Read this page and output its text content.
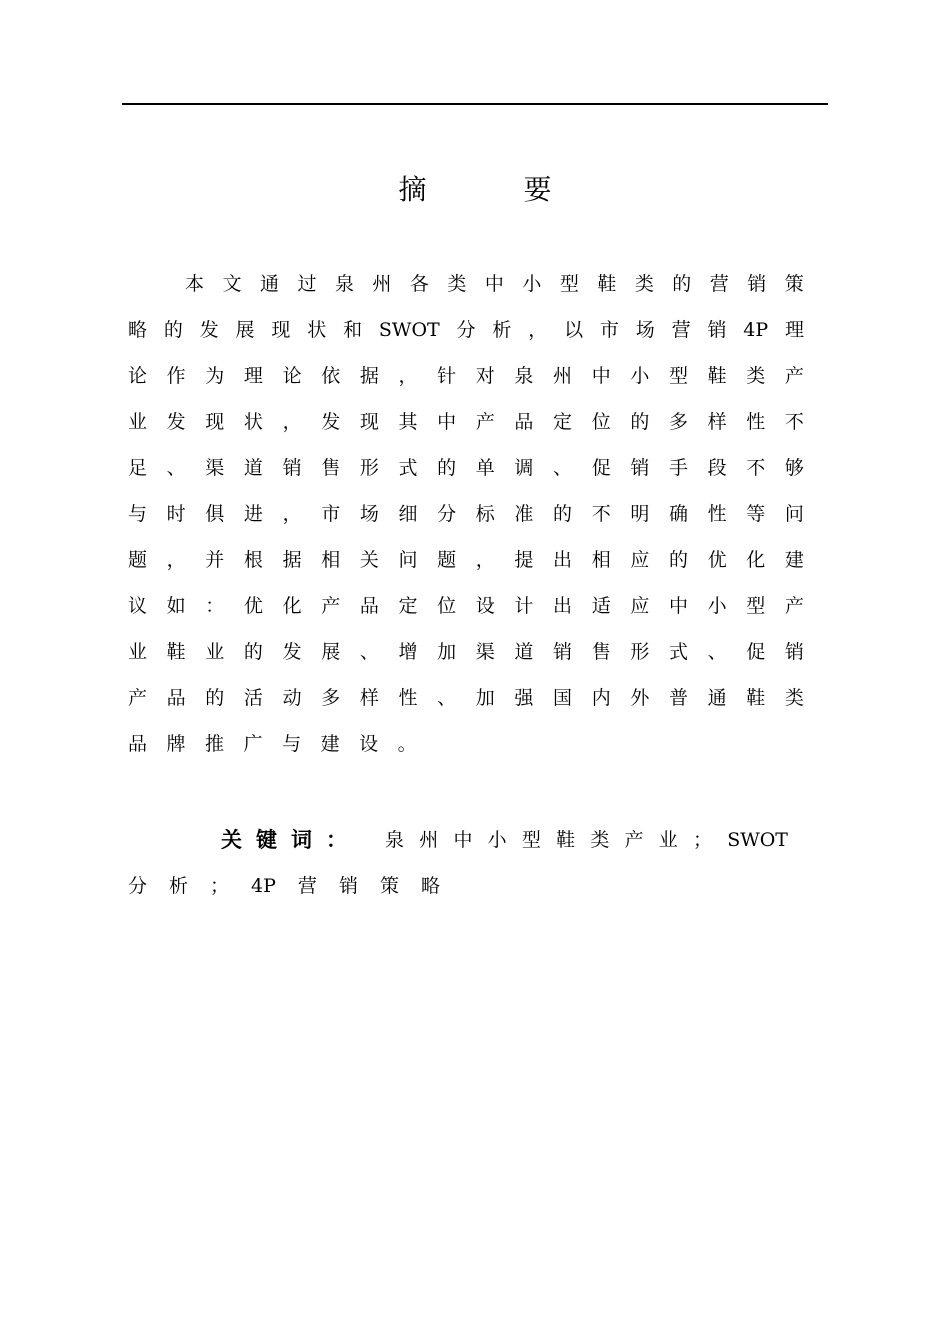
摘 要
本 文 通 过 泉 州 各 类 中 小 型 鞋 类 的 营 销 策
略 的 发 展 现 状 和 SWOT 分 析 ， 以 市 场 营 销 4P 理
论 作 为 理 论 依 据 ， 针 对 泉 州 中 小 型 鞋 类 产
业 发 现 状 ， 发 现 其 中 产 品 定 位 的 多 样 性 不
足 、 渠 道 销 售 形 式 的 单 调 、 促 销 手 段 不 够
与 时 俱 进 ， 市 场 细 分 标 准 的 不 明 确 性 等 问
题 ， 并 根 据 相 关 问 题 ， 提 出 相 应 的 优 化 建
议 如 ： 优 化 产 品 定 位 设 计 出 适 应 中 小 型 产
业 鞋 业 的 发 展 、 增 加 渠 道 销 售 形 式 、 促 销
产 品 的 活 动 多 样 性 、 加 强 国 内 外 普 通 鞋 类
品 牌 推 广 与 建 设 。
关键词： 泉 州 中 小 型 鞋 类 产 业 ； SWOT
分 析 ； 4P 营 销 策 略
